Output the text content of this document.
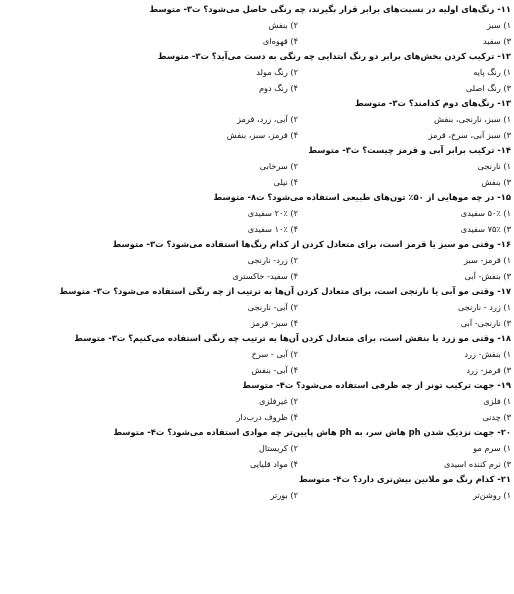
۱۱- رنگ‌های اولیه در نسبت‌های برابر قرار بگیرند، چه رنگی حاصل می‌شود؟ ت۳- متوسط
۱) سبز
۲) بنفش
۳) سفید
۴) قهوه‌ای
۱۲- ترکیب کردن بخش‌های برابر دو رنگ ابتدایی چه رنگی به دست می‌آید؟ ت۳- متوسط
۱) رنگ پایه
۲) رنگ مولد
۳) رنگ اصلی
۴) رنگ دوم
۱۳- رنگ‌های دوم کدامند؟ ت۳- متوسط
۱) سبز، نارنجی، بنفش
۲) آبی، زرد، قرمز
۳) سبز آبی، سرخ، قرمز
۴) قرمز، سبز، بنفش
۱۴- ترکیب برابر آبی و قرمز چیست؟ ت۳- متوسط
۱) نارنجی
۲) سرخابی
۳) بنفش
۴) نیلی
۱۵- در چه موهایی از ۵۰٪ تون‌های طبیعی استفاده می‌شود؟ ت۸- متوسط
۱) ۵۰٪ سفیدی
۲) ۲۰٪ سفیدی
۳) ۷۵٪ سفیدی
۴) ۱۰٪ سفیدی
۱۶- وقتی مو سبز یا قرمز است، برای متعادل کردن از کدام رنگ‌ها استفاده می‌شود؟ ت۳- متوسط
۱) قرمز- سبز
۲) زرد- نارنجی
۳) بنفش- آبی
۴) سفید- خاکستری
۱۷- وقتی مو آبی یا نارنجی است، برای متعادل کردن آن‌ها به ترتیب از چه رنگی استفاده می‌شود؟ ت۳- متوسط
۱) زرد - نارنجی
۲) آبی- نارنجی
۳) نارنجی- آبی
۴) سبز- قرمز
۱۸- وقتی مو زرد یا بنفش است، برای متعادل کردن آن‌ها به ترتیب چه رنگی استفاده می‌کنیم؟ ت۳- متوسط
۱) بنفش- زرد
۲) آبی - سرخ
۳) قرمز- زرد
۴) آبی- بنفش
۱۹- جهت ترکیب تونر از چه ظرفی استفاده می‌شود؟ ت۴- متوسط
۱) فلزی
۲) غیرفلزی
۳) چدنی
۴) ظروف درب‌دار
۲۰- جهت نزدیک شدن ph هاش سر، به ph هاش پایین‌تر چه موادی استفاده می‌شود؟ ت۴- متوسط
۱) سرم مو
۲) کریستال
۳) نرم کننده اسیدی
۴) مواد قلیایی
۲۱- کدام رنگ مو ملانین بیش‌تری دارد؟ ت۴- متوسط
۱) روشن‌تر
۲) بورتر
